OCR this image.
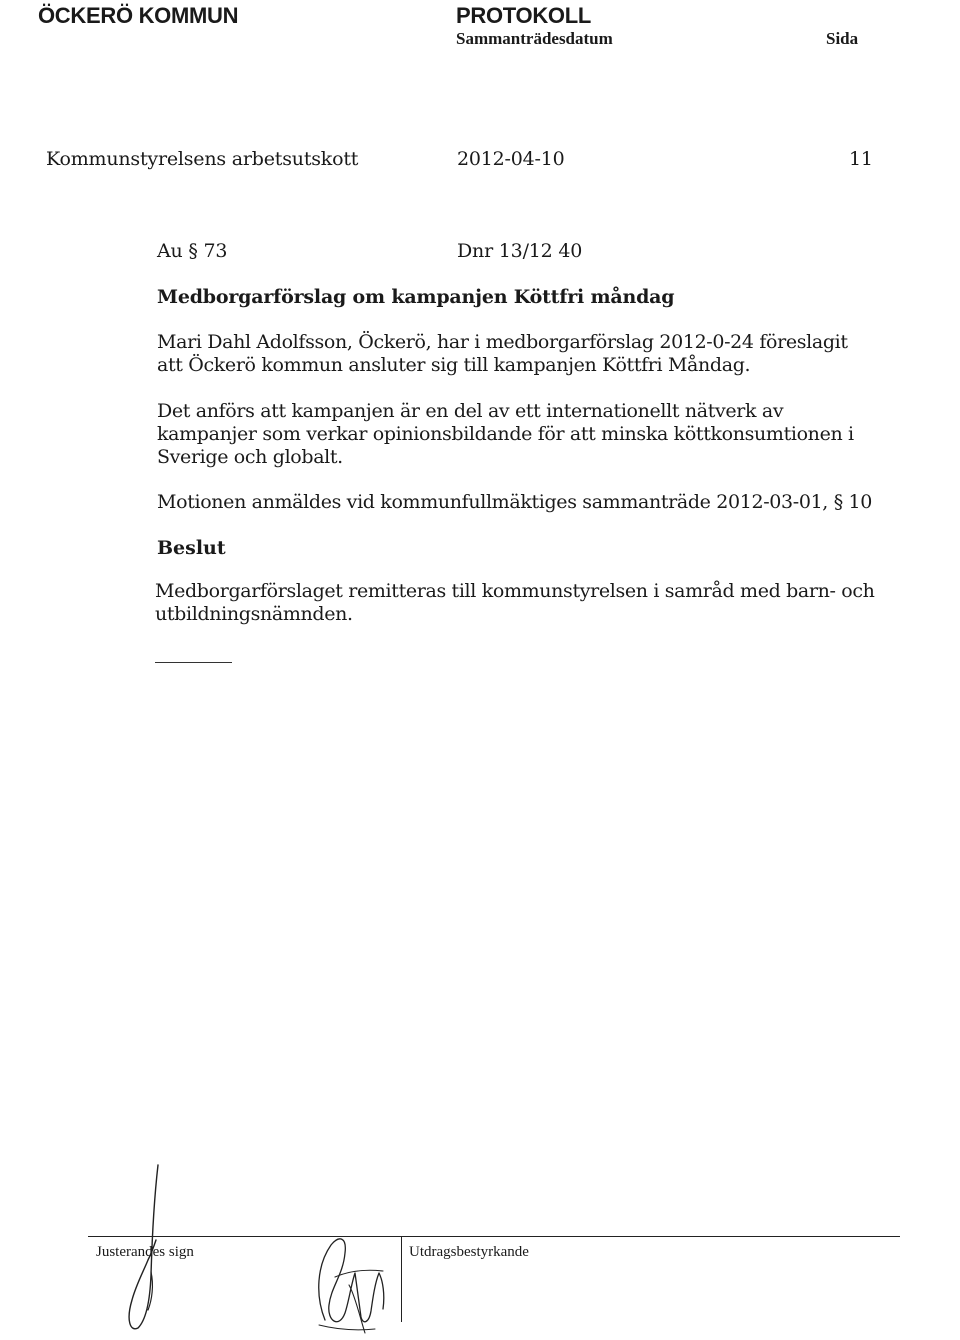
ÖCKERÖ KOMMUN	PROTOKOLL
Sammanträdesdatum	Sida
Kommunstyrelsens arbetsutskott	2012-04-10	11
Au § 73	Dnr 13/12 40
Medborgarförslag om kampanjen Köttfri måndag
Mari Dahl Adolfsson, Öckerö, har i medborgarförslag 2012-0-24 föreslagit att Öckerö kommun ansluter sig till kampanjen Köttfri Måndag.
Det anförs att kampanjen är en del av ett internationellt nätverk av kampanjer som verkar opinionsbildande för att minska köttkonsumtionen i Sverige och globalt.
Motionen anmäldes vid kommunfullmäktiges sammanträde 2012-03-01, § 10
Beslut
Medborgarförslaget remitteras till kommunstyrelsen i samråd med barn- och utbildningsnämnden.
Justerandes sign	Utdragsbestyrkande
